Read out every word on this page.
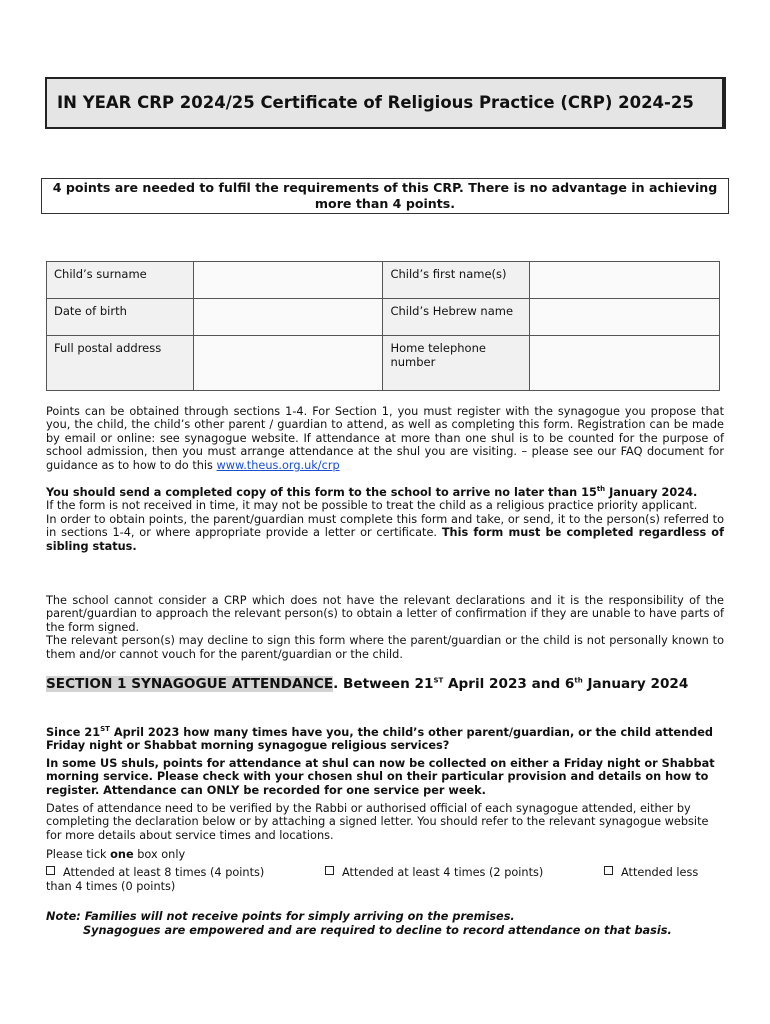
IN YEAR CRP 2024/25 Certificate of Religious Practice (CRP) 2024-25
4 points are needed to fulfil the requirements of this CRP. There is no advantage in achieving more than 4 points.
Child’s surname		Child’s first name(s)	
Date of birth		Child’s Hebrew name	
Full postal address		Home telephone number	

Points can be obtained through sections 1-4. For Section 1, you must register with the synagogue you propose that you, the child, the child’s other parent / guardian to attend, as well as completing this form. Registration can be made by email or online: see synagogue website. If attendance at more than one shul is to be counted for the purpose of school admission, then you must arrange attendance at the shul you are visiting. – please see our FAQ document for guidance as to how to do this www.theus.org.uk/crp

You should send a completed copy of this form to the school to arrive no later than 15th January 2024.

If the form is not received in time, it may not be possible to treat the child as a religious practice priority applicant.

In order to obtain points, the parent/guardian must complete this form and take, or send, it to the person(s) referred to in sections 1-4, or where appropriate provide a letter or certificate. This form must be completed regardless of sibling status.

The school cannot consider a CRP which does not have the relevant declarations and it is the responsibility of the parent/guardian to approach the relevant person(s) to obtain a letter of confirmation if they are unable to have parts of the form signed.

The relevant person(s) may decline to sign this form where the parent/guardian or the child is not personally known to them and/or cannot vouch for the parent/guardian or the child.

SECTION 1 SYNAGOGUE ATTENDANCE. Between 21ST April 2023 and 6th January 2024

Since 21ST April 2023 how many times have you, the child’s other parent/guardian, or the child attended Friday night or Shabbat morning synagogue religious services?

In some US shuls, points for attendance at shul can now be collected on either a Friday night or Shabbat morning service. Please check with your chosen shul on their particular provision and details on how to register. Attendance can ONLY be recorded for one service per week.

Dates of attendance need to be verified by the Rabbi or authorised official of each synagogue attended, either by completing the declaration below or by attaching a signed letter. You should refer to the relevant synagogue website for more details about service times and locations.

Please tick one box only

Attended at least 8 times (4 points)	Attended at least 4 times (2 points)	Attended less than 4 times (0 points)
Note: Families will not receive points for simply arriving on the premises.
Synagogues are empowered and are required to decline to record attendance on that basis.
